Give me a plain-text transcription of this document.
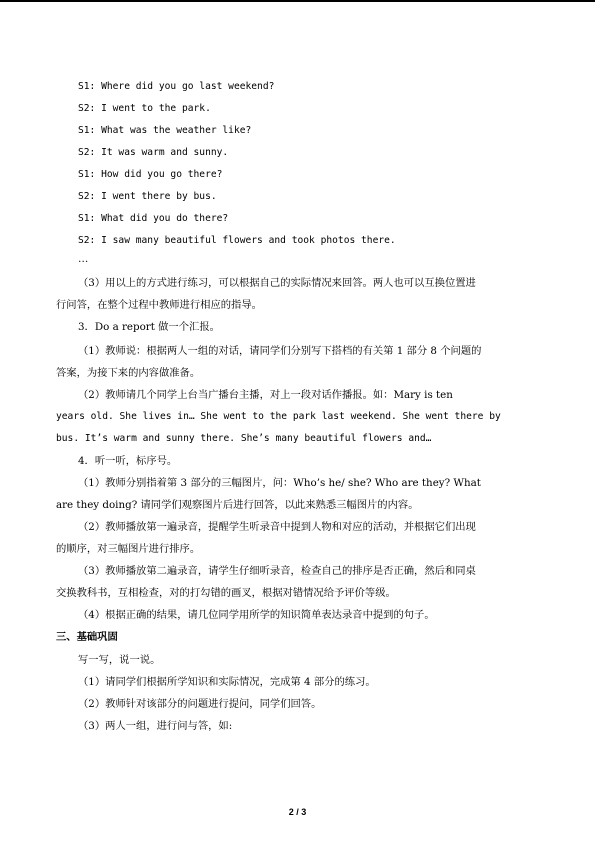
S1: Where did you go last weekend?
S2: I went to the park.
S1: What was the weather like?
S2: It was warm and sunny.
S1: How did you go there?
S2: I went there by bus.
S1: What did you do there?
S2: I saw many beautiful flowers and took photos there.
…
（3）用以上的方式进行练习，可以根据自己的实际情况来回答。两人也可以互换位置进
行问答，在整个过程中教师进行相应的指导。
3．Do a report 做一个汇报。
（1）教师说：根据两人一组的对话，请同学们分别写下搭档的有关第 1 部分 8 个问题的
答案，为接下来的内容做准备。
（2）教师请几个同学上台当广播台主播，对上一段对话作播报。如：Mary is ten
years old. She lives in… She went to the park last weekend. She went there by
bus. It’s warm and sunny there. She’s many beautiful flowers and…
4．听一听，标序号。
（1）教师分别指着第 3 部分的三幅图片，问：Who’s he/ she? Who are they? What
are they doing? 请同学们观察图片后进行回答，以此来熟悉三幅图片的内容。
（2）教师播放第一遍录音，提醒学生听录音中提到人物和对应的活动，并根据它们出现
的顺序，对三幅图片进行排序。
（3）教师播放第二遍录音，请学生仔细听录音，检查自己的排序是否正确，然后和同桌
交换教科书，互相检查，对的打勾错的画叉，根据对错情况给予评价等级。
（4）根据正确的结果，请几位同学用所学的知识简单表达录音中提到的句子。
三、基础巩固
写一写，说一说。
（1）请同学们根据所学知识和实际情况，完成第 4 部分的练习。
（2）教师针对该部分的问题进行提问，同学们回答。
（3）两人一组，进行问与答，如:
2 / 3
